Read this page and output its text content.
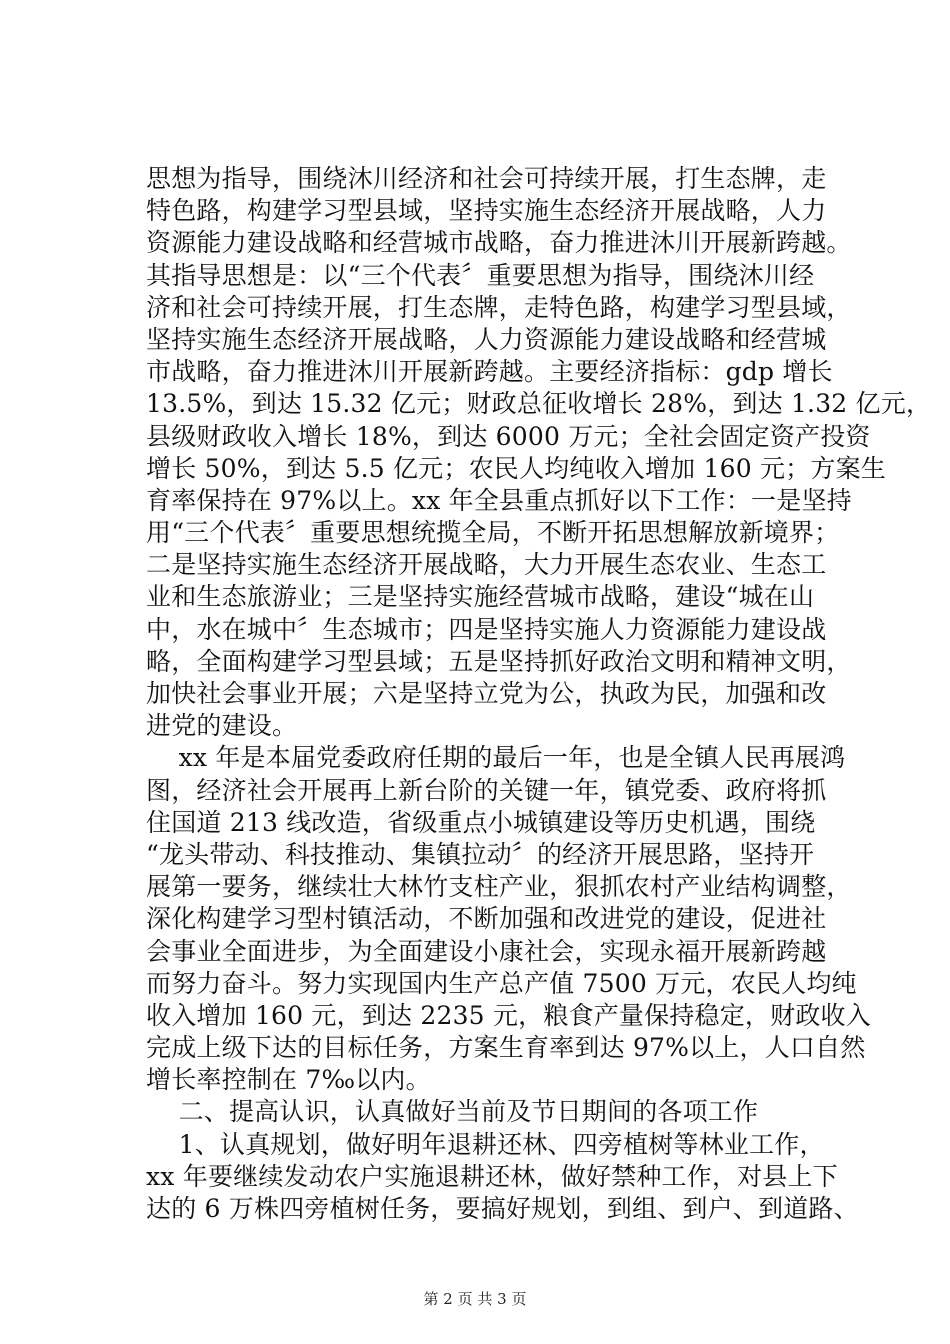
思想为指导，围绕沐川经济和社会可持续开展，打生态牌，走
特色路，构建学习型县域，坚持实施生态经济开展战略，人力
资源能力建设战略和经营城市战略，奋力推进沐川开展新跨越。
其指导思想是：以“三个代表〞重要思想为指导，围绕沐川经
济和社会可持续开展，打生态牌，走特色路，构建学习型县域，
坚持实施生态经济开展战略，人力资源能力建设战略和经营城
市战略，奋力推进沐川开展新跨越。主要经济指标：gdp 增长
13.5%，到达 15.32 亿元；财政总征收增长 28%，到达 1.32 亿元，
县级财政收入增长 18%，到达 6000 万元；全社会固定资产投资
增长 50%，到达 5.5 亿元；农民人均纯收入增加 160 元；方案生
育率保持在 97%以上。xx 年全县重点抓好以下工作：一是坚持
用“三个代表〞重要思想统揽全局，不断开拓思想解放新境界；
二是坚持实施生态经济开展战略，大力开展生态农业、生态工
业和生态旅游业；三是坚持实施经营城市战略，建设“城在山
中，水在城中〞生态城市；四是坚持实施人力资源能力建设战
略，全面构建学习型县域；五是坚持抓好政治文明和精神文明，
加快社会事业开展；六是坚持立党为公，执政为民，加强和改
进党的建设。
xx 年是本届党委政府任期的最后一年，也是全镇人民再展鸿
图，经济社会开展再上新台阶的关键一年，镇党委、政府将抓
住国道 213 线改造，省级重点小城镇建设等历史机遇，围绕
“龙头带动、科技推动、集镇拉动〞的经济开展思路，坚持开
展第一要务，继续壮大林竹支柱产业，狠抓农村产业结构调整，
深化构建学习型村镇活动，不断加强和改进党的建设，促进社
会事业全面进步，为全面建设小康社会，实现永福开展新跨越
而努力奋斗。努力实现国内生产总产值 7500 万元，农民人均纯
收入增加 160 元，到达 2235 元，粮食产量保持稳定，财政收入
完成上级下达的目标任务，方案生育率到达 97%以上，人口自然
增长率控制在 7‰以内。
二、提高认识，认真做好当前及节日期间的各项工作
1、认真规划，做好明年退耕还林、四旁植树等林业工作，
xx 年要继续发动农户实施退耕还林，做好禁种工作，对县上下
达的 6 万株四旁植树任务，要搞好规划，到组、到户、到道路、
第 2 页 共 3 页
